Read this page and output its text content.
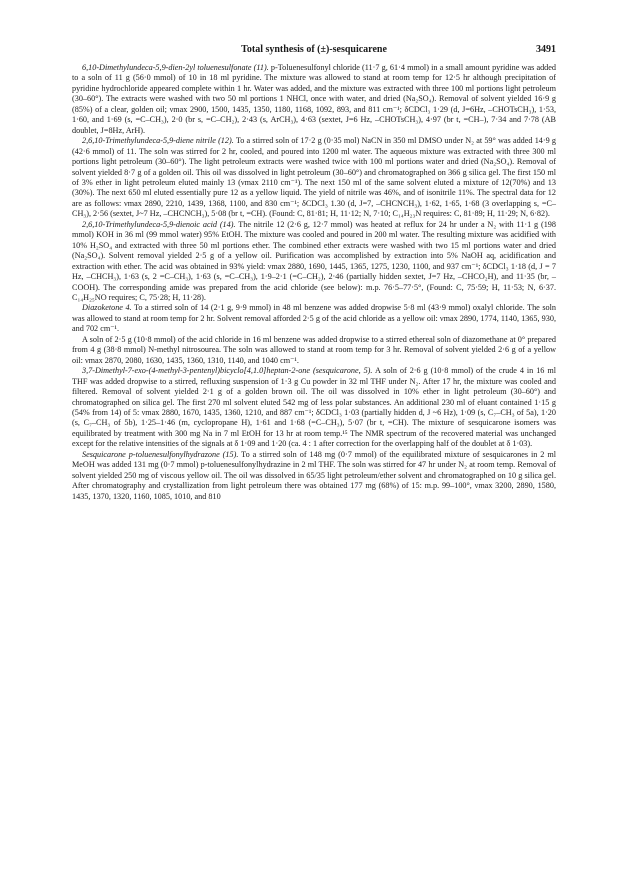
Total synthesis of (±)-sesquicarene	3491

6,10-Dimethylundeca-5,9-dien-2yl toluenesulfonate (11). p-Toluenesulfonyl chloride (11·7 g, 61·4 mmol) in a small amount pyridine was added to a soln of 11 g (56·0 mmol) of 10 in 18 ml pyridine. The mixture was allowed to stand at room temp for 12·5 hr although precipitation of pyridine hydrochloride appeared complete within 1 hr. Water was added, and the mixture was extracted with three 100 ml portions light petroleum (30–60°). The extracts were washed with two 50 ml portions 1 NHCl, once with water, and dried (Na₂SO₄). Removal of solvent yielded 16·9 g (85%) of a clear, golden oil; νmax 2900, 1500, 1435, 1350, 1180, 1168, 1092, 893, and 811 cm⁻¹; δCDCl₃ 1·29 (d, J=6Hz, –CHOTsCH₃), 1·53, 1·60, and 1·69 (s, =C–CH₃), 2·0 (br s, =C–CH₂), 2·43 (s, ArCH₃), 4·63 (sextet, J=6 Hz, –CHOTsCH₃), 4·97 (br t, =CH–), 7·34 and 7·78 (AB doublet, J=8Hz, ArH).

2,6,10-Trimethylundeca-5,9-diene nitrile (12). To a stirred soln of 17·2 g (0·35 mol) NaCN in 350 ml DMSO under N₂ at 59° was added 14·9 g (42·6 mmol) of 11. The soln was stirred for 2 hr, cooled, and poured into 1200 ml water. The aqueous mixture was extracted with three 300 ml portions light petroleum (30–60°). The light petroleum extracts were washed twice with 100 ml portions water and dried (Na₂SO₄). Removal of solvent yielded 8·7 g of a golden oil. This oil was dissolved in light petroleum (30–60°) and chromatographed on 366 g silica gel. The first 150 ml of 3% ether in light petroleum eluted mainly 13 (νmax 2110 cm⁻¹). The next 150 ml of the same solvent eluted a mixture of 12(70%) and 13 (30%). The next 650 ml eluted essentially pure 12 as a yellow liquid. The yield of nitrile was 46%, and of isonitrile 11%. The spectral data for 12 are as follows: νmax 2890, 2210, 1439, 1368, 1100, and 830 cm⁻¹; δCDCl₃ 1.30 (d, J=7, –CHCNCH₃), 1·62, 1·65, 1·68 (3 overlapping s, =C–CH₃), 2·56 (sextet, J~7 Hz, –CHCNCH₃), 5·08 (br t, =CH). (Found: C, 81·81; H, 11·12; N, 7·10; C₁₄H₂₃N requires: C, 81·89; H, 11·29; N, 6·82).

2,6,10-Trimethylundeca-5,9-dienoic acid (14). The nitrile 12 (2·6 g, 12·7 mmol) was heated at reflux for 24 hr under a N₂ with 11·1 g (198 mmol) KOH in 36 ml (99 mmol water) 95% EtOH. The mixture was cooled and poured in 200 ml water. The resulting mixture was acidified with 10% H₂SO₄ and extracted with three 50 ml portions ether. The combined ether extracts were washed with two 15 ml portions water and dried (Na₂SO₄). Solvent removal yielded 2·5 g of a yellow oil. Purification was accomplished by extraction into 5% NaOH aq, acidification and extraction with ether. The acid was obtained in 93% yield: νmax 2880, 1690, 1445, 1365, 1275, 1230, 1100, and 937 cm⁻¹; δCDCl₃ 1·18 (d, J = 7 Hz, –CHCH₃), 1·63 (s, 2 =C–CH₃), 1·63 (s, =C–CH₃), 1·9–2·1 (=C–CH₂), 2·46 (partially hidden sextet, J=7 Hz, –CHCO₂H), and 11·35 (br, –COOH). The corresponding amide was prepared from the acid chloride (see below): m.p. 76·5–77·5°, (Found: C, 75·59; H, 11·53; N, 6·37. C₁₄H₂₅NO requires; C, 75·28; H, 11·28).

Diazoketone 4. To a stirred soln of 14 (2·1 g, 9·9 mmol) in 48 ml benzene was added dropwise 5·8 ml (43·9 mmol) oxalyl chloride. The soln was allowed to stand at room temp for 2 hr. Solvent removal afforded 2·5 g of the acid chloride as a yellow oil: νmax 2890, 1774, 1140, 1365, 930, and 702 cm⁻¹.

A soln of 2·5 g (10·8 mmol) of the acid chloride in 16 ml benzene was added dropwise to a stirred ethereal soln of diazomethane at 0° prepared from 4 g (38·8 mmol) N-methyl nitrosourea. The soln was allowed to stand at room temp for 3 hr. Removal of solvent yielded 2·6 g of a yellow oil: νmax 2870, 2080, 1630, 1435, 1360, 1310, 1140, and 1040 cm⁻¹.

3,7-Dimethyl-7-exo-(4-methyl-3-pentenyl)bicyclo[4,1.0]heptan-2-one (sesquicarone, 5). A soln of 2·6 g (10·8 mmol) of the crude 4 in 16 ml THF was added dropwise to a stirred, refluxing suspension of 1·3 g Cu powder in 32 ml THF under N₂. After 17 hr, the mixture was cooled and filtered. Removal of solvent yielded 2·1 g of a golden brown oil. The oil was dissolved in 10% ether in light petroleum (30–60°) and chromatographed on silica gel. The first 270 ml solvent eluted 542 mg of less polar substances. An additional 230 ml of eluant contained 1·15 g (54% from 14) of 5: νmax 2880, 1670, 1435, 1360, 1210, and 887 cm⁻¹; δCDCl₃ 1·03 (partially hidden d, J ~6 Hz), 1·09 (s, C₇–CH₃ of 5a), 1·20 (s, C₇–CH₃ of 5b), 1·25–1·46 (m, cyclopropane H), 1·61 and 1·68 (=C–CH₃), 5·07 (br t, =CH). The mixture of sesquicarone isomers was equilibrated by treatment with 300 mg Na in 7 ml EtOH for 13 hr at room temp.¹⁵ The NMR spectrum of the recovered material was unchanged except for the relative intensities of the signals at δ 1·09 and 1·20 (ca. 4 : 1 after correction for the overlapping half of the doublet at δ 1·03).

Sesquicarone p-toluenesulfonylhydrazone (15). To a stirred soln of 148 mg (0·7 mmol) of the equilibrated mixture of sesquicarones in 2 ml MeOH was added 131 mg (0·7 mmol) p-toluenesulfonylhydrazine in 2 ml THF. The soln was stirred for 47 hr under N₂ at room temp. Removal of solvent yielded 250 mg of viscous yellow oil. The oil was dissolved in 65/35 light petroleum/ether solvent and chromatographed on 10 g silica gel. After chromatography and crystallization from light petroleum there was obtained 177 mg (68%) of 15: m.p. 99–100°, νmax 3200, 2890, 1580, 1435, 1370, 1320, 1160, 1085, 1010, and 810
